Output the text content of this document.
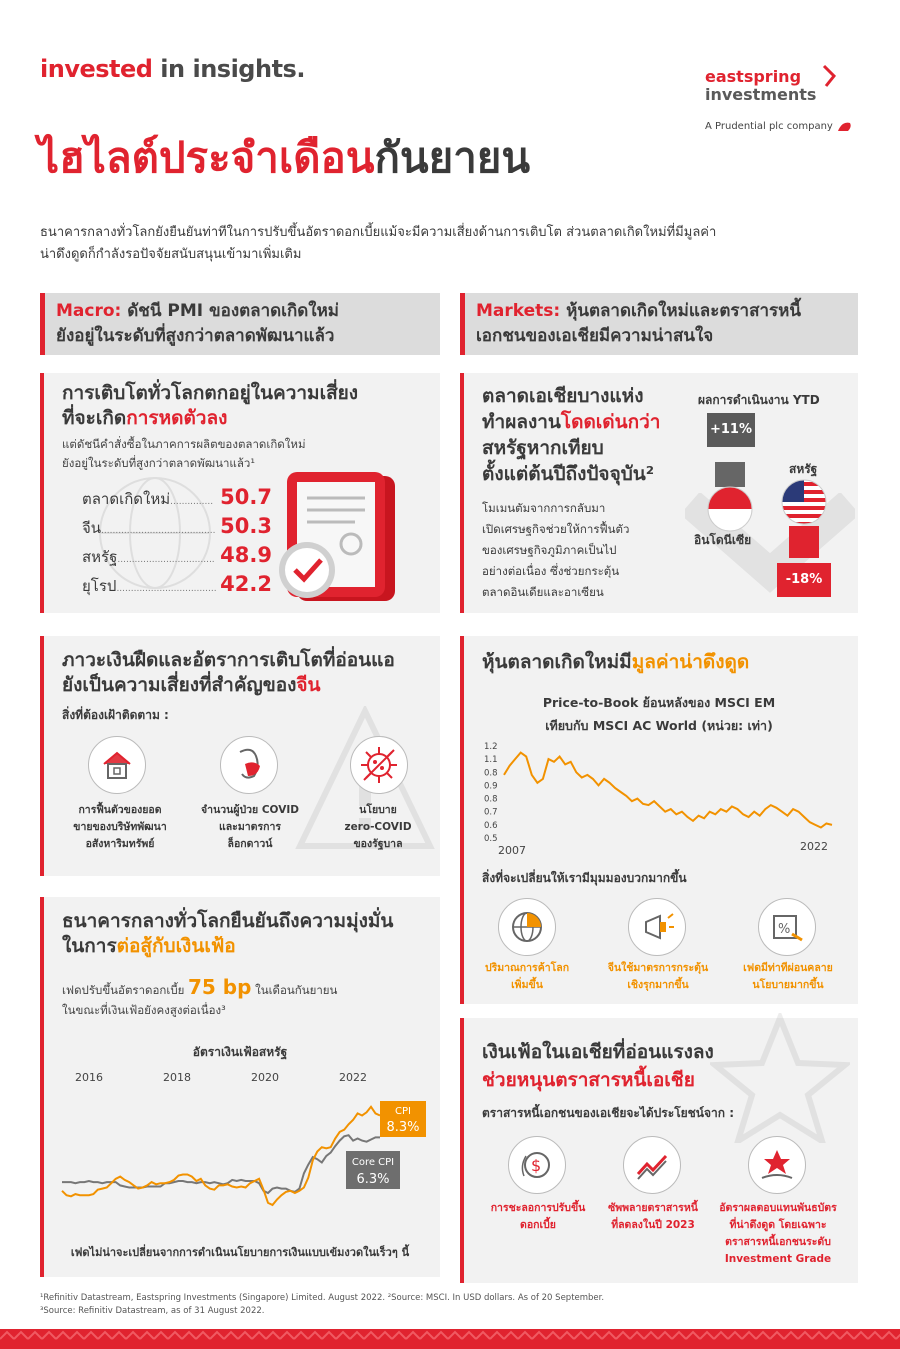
invested in insights.	eastspring
investments
A Prudential plc company
ไฮไลต์ประจำเดือนกันยายน
ธนาคารกลางทั่วโลกยังยืนยันท่าทีในการปรับขึ้นอัตราดอกเบี้ยแม้จะมีความเสี่ยงด้านการเติบโต ส่วนตลาดเกิดใหม่ที่มีมูลค่า
น่าดึงดูดก็กำลังรอปัจจัยสนับสนุนเข้ามาเพิ่มเติม
Macro: ดัชนี PMI ของตลาดเกิดใหม่
ยังอยู่ในระดับที่สูงกว่าตลาดพัฒนาแล้ว
Markets: หุ้นตลาดเกิดใหม่และตราสารหนี้
เอกชนของเอเชียมีความน่าสนใจ
การเติบโตทั่วโลกตกอยู่ในความเสี่ยง
ที่จะเกิดการหดตัวลง
แต่ดัชนีคำสั่งซื้อในภาคการผลิตของตลาดเกิดใหม่
ยังอยู่ในระดับที่สูงกว่าตลาดพัฒนาแล้ว¹
ตลาดเกิดใหม่ ............... 50.7
จีน ........................................ 50.3
สหรัฐ .................................. 48.9
ยุโรป ................................... 42.2
ภาวะเงินฝืดและอัตราการเติบโตที่อ่อนแอ
ยังเป็นความเสี่ยงที่สำคัญของจีน
สิ่งที่ต้องเฝ้าติดตาม :
การฟื้นตัวของยอด
ขายของบริษัทพัฒนา
อสังหาริมทรัพย์
จำนวนผู้ป่วย COVID
และมาตรการ
ล็อกดาวน์
นโยบาย
zero-COVID
ของรัฐบาล
ธนาคารกลางทั่วโลกยืนยันถึงความมุ่งมั่น
ในการต่อสู้กับเงินเฟ้อ
เฟดปรับขึ้นอัตราดอกเบี้ย 75 bp ในเดือนกันยายน
ในขณะที่เงินเฟ้อยังคงสูงต่อเนื่อง³
อัตราเงินเฟ้อสหรัฐ
2016	2018	2020	2022
CPI
8.3%
Core CPI
6.3%
เฟดไม่น่าจะเปลี่ยนจากการดำเนินนโยบายการเงินแบบเข้มงวดในเร็วๆ นี้
ตลาดเอเชียบางแห่ง
ทำผลงานโดดเด่นกว่า
สหรัฐหากเทียบ
ตั้งแต่ต้นปีถึงปัจจุบัน²
โมเมนตัมจากการกลับมา
เปิดเศรษฐกิจช่วยให้การฟื้นตัว
ของเศรษฐกิจภูมิภาคเป็นไป
อย่างต่อเนื่อง ซึ่งช่วยกระตุ้น
ตลาดอินเดียและอาเซียน
ผลการดำเนินงาน YTD
+11%
อินโดนีเซีย
สหรัฐ
-18%
หุ้นตลาดเกิดใหม่มีมูลค่าน่าดึงดูด
Price-to-Book ย้อนหลังของ MSCI EM
เทียบกับ MSCI AC World (หน่วย: เท่า)
1.2
1.1
0.8
0.9
0.8
0.7
0.6
0.5
2007	2022
สิ่งที่จะเปลี่ยนให้เรามีมุมมองบวกมากขึ้น
%
ปริมาณการค้าโลก
เพิ่มขึ้น
จีนใช้มาตรการกระตุ้น
เชิงรุกมากขึ้น
เฟดมีท่าทีผ่อนคลาย
นโยบายมากขึ้น
เงินเฟ้อในเอเชียที่อ่อนแรงลง
ช่วยหนุนตราสารหนี้เอเชีย
ตราสารหนี้เอกชนของเอเชียจะได้ประโยชน์จาก :
$
การชะลอการปรับขึ้น
ดอกเบี้ย
ซัพพลายตราสารหนี้
ที่ลดลงในปี 2023
อัตราผลตอบแทนพันธบัตร
ที่น่าดึงดูด โดยเฉพาะ
ตราสารหนี้เอกชนระดับ
Investment Grade
¹Refinitiv Datastream, Eastspring Investments (Singapore) Limited. August 2022. ²Source: MSCI. In USD dollars. As of 20 September.
³Source: Refinitiv Datastream, as of 31 August 2022.
